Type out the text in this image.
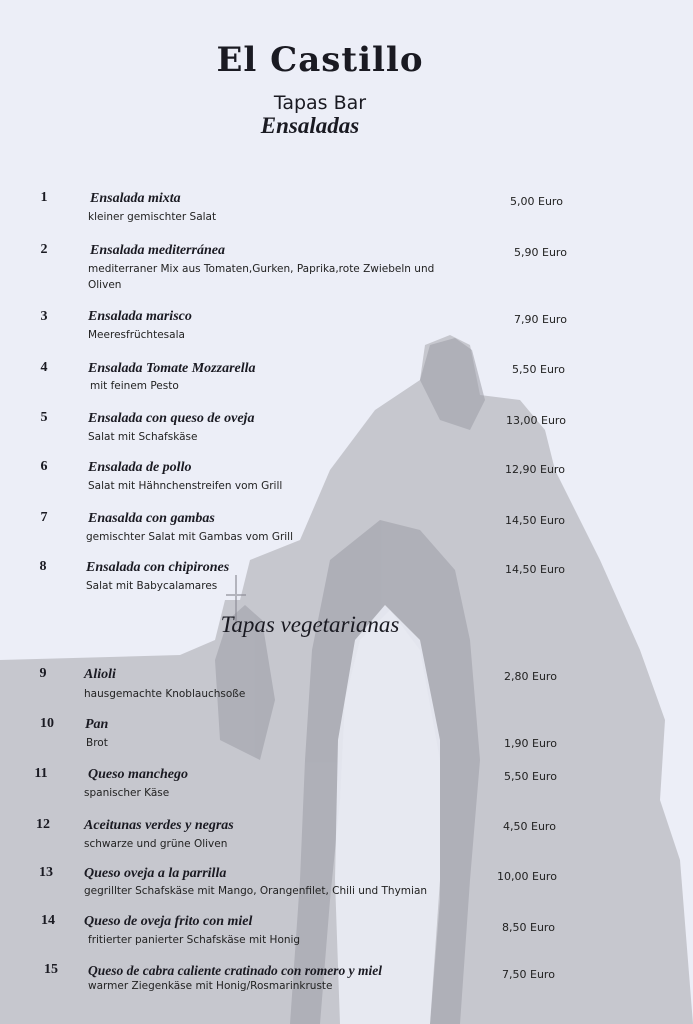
El Castillo
Tapas Bar
Ensaladas
1	Ensalada mixta
kleiner gemischter Salat
5,00 Euro
2	Ensalada mediterránea
mediterraner Mix aus Tomaten,Gurken, Paprika,rote Zwiebeln und Oliven
5,90 Euro
3	Ensalada marisco
Meeresfrüchtesala
7,90 Euro
4	Ensalada Tomate Mozzarella
mit feinem Pesto
5,50 Euro
5	Ensalada con queso de oveja
Salat mit Schafskäse
13,00 Euro
6	Ensalada de pollo
Salat mit Hähnchenstreifen vom Grill
12,90 Euro
7	Enasalda con gambas
gemischter Salat mit Gambas vom Grill
14,50 Euro
8	Ensalada con chipirones
Salat mit Babycalamares
14,50 Euro
Tapas vegetarianas
9	Alioli
hausgemachte Knoblauchsoße
2,80 Euro
10	Pan
Brot	1,90 Euro
11	Queso manchego
spanischer Käse
5,50 Euro
12	Aceitunas verdes y negras
schwarze und grüne Oliven
4,50 Euro
13	Queso oveja a la parrilla
gegrillter Schafskäse mit Mango, Orangenfilet, Chili und Thymian
10,00 Euro
14	Queso de oveja frito con miel
fritierter panierter Schafskäse mit Honig
8,50 Euro
15	Queso de cabra caliente cratinado con romero y miel
warmer Ziegenkäse mit Honig/Rosmarinkruste
7,50 Euro
